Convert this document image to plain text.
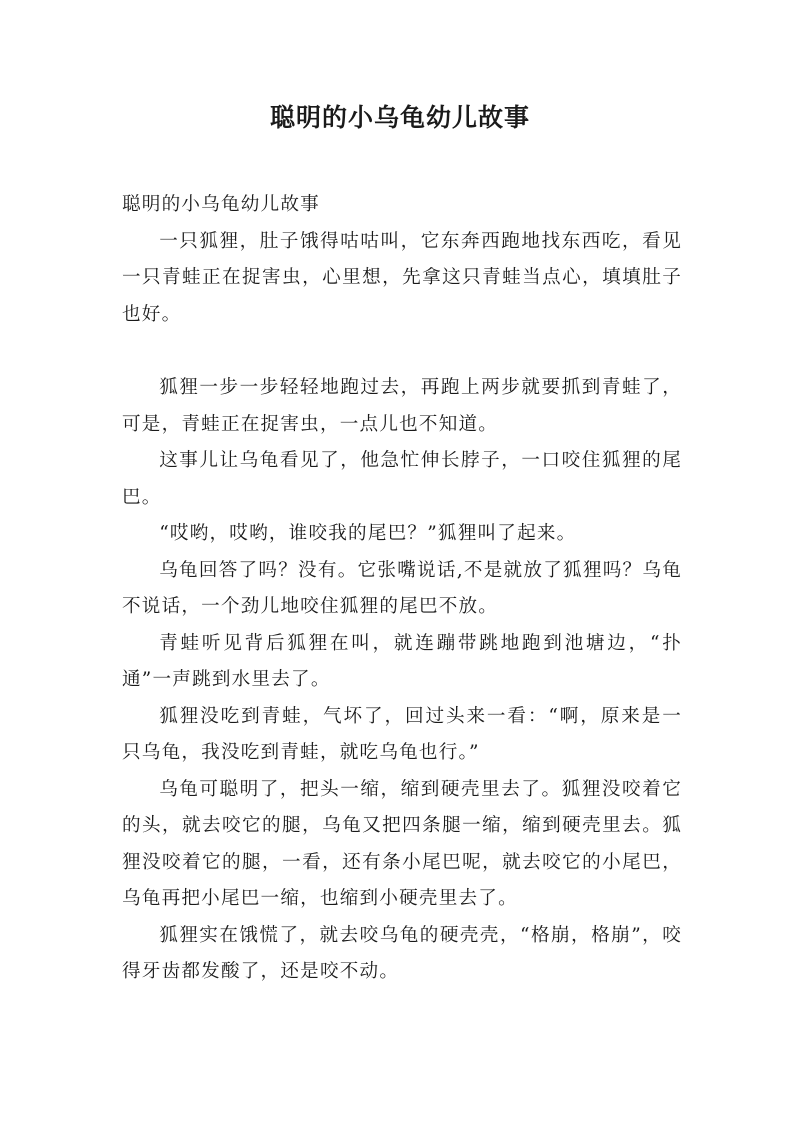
聪明的小乌龟幼儿故事

聪明的小乌龟幼儿故事

一只狐狸，肚子饿得咕咕叫，它东奔西跑地找东西吃，看见一只青蛙正在捉害虫，心里想，先拿这只青蛙当点心，填填肚子也好。

狐狸一步一步轻轻地跑过去，再跑上两步就要抓到青蛙了，可是，青蛙正在捉害虫，一点儿也不知道。

这事儿让乌龟看见了，他急忙伸长脖子，一口咬住狐狸的尾巴。

“哎哟，哎哟，谁咬我的尾巴？”狐狸叫了起来。

乌龟回答了吗？没有。它张嘴说话,不是就放了狐狸吗？乌龟不说话，一个劲儿地咬住狐狸的尾巴不放。

青蛙听见背后狐狸在叫，就连蹦带跳地跑到池塘边，“扑通”一声跳到水里去了。

狐狸没吃到青蛙，气坏了，回过头来一看：“啊，原来是一只乌龟，我没吃到青蛙，就吃乌龟也行。”

乌龟可聪明了，把头一缩，缩到硬壳里去了。狐狸没咬着它的头，就去咬它的腿，乌龟又把四条腿一缩，缩到硬壳里去。狐狸没咬着它的腿，一看，还有条小尾巴呢，就去咬它的小尾巴，乌龟再把小尾巴一缩，也缩到小硬壳里去了。

狐狸实在饿慌了，就去咬乌龟的硬壳壳，“格崩，格崩”，咬得牙齿都发酸了，还是咬不动。
